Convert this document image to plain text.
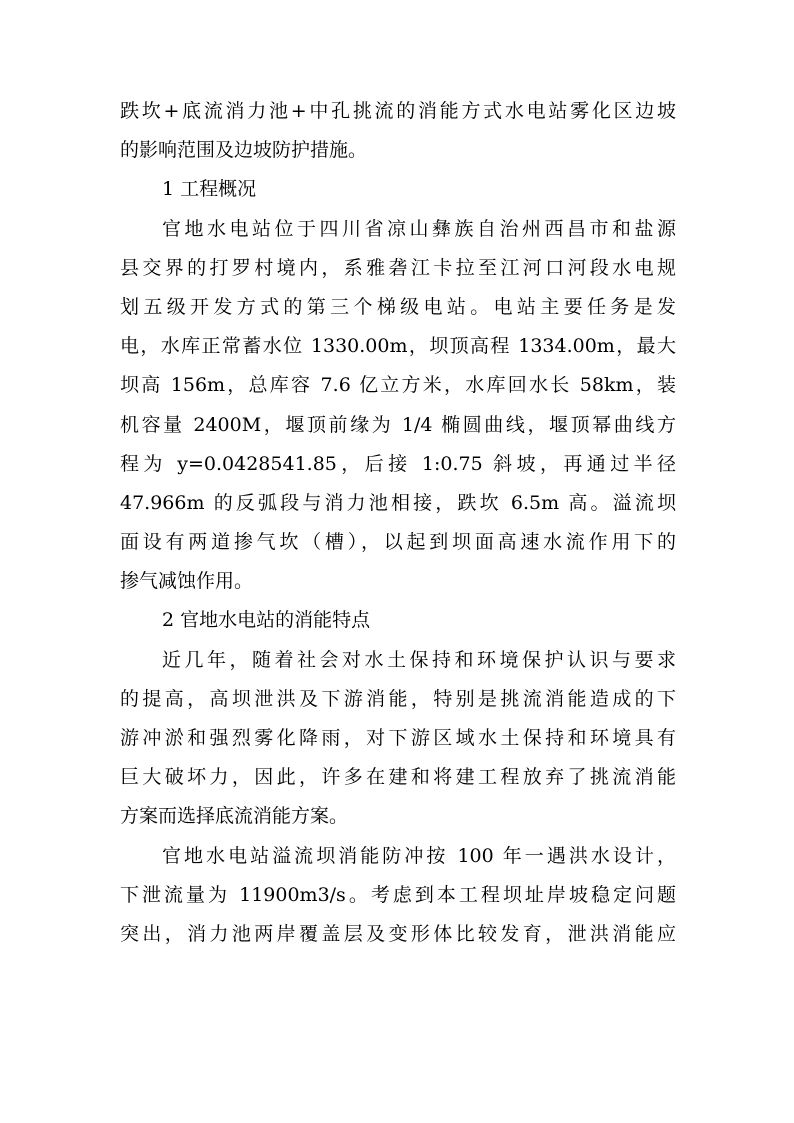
跌坎+底流消力池+中孔挑流的消能方式水电站雾化区边坡
的影响范围及边坡防护措施。
1 工程概况
官地水电站位于四川省凉山彝族自治州西昌市和盐源
县交界的打罗村境内，系雅砻江卡拉至江河口河段水电规
划五级开发方式的第三个梯级电站。电站主要任务是发
电，水库正常蓄水位 1330.00m，坝顶高程 1334.00m，最大
坝高 156m，总库容 7.6 亿立方米，水库回水长 58km，装
机容量 2400M，堰顶前缘为 1/4 椭圆曲线，堰顶幂曲线方
程为 y=0.0428541.85，后接 1:0.75 斜坡，再通过半径
47.966m 的反弧段与消力池相接，跌坎 6.5m 高。溢流坝
面设有两道掺气坎（槽），以起到坝面高速水流作用下的
掺气减蚀作用。
2 官地水电站的消能特点
近几年，随着社会对水土保持和环境保护认识与要求
的提高，高坝泄洪及下游消能，特别是挑流消能造成的下
游冲淤和强烈雾化降雨，对下游区域水土保持和环境具有
巨大破坏力，因此，许多在建和将建工程放弃了挑流消能
方案而选择底流消能方案。
官地水电站溢流坝消能防冲按 100 年一遇洪水设计，
下泄流量为 11900m3/s。考虑到本工程坝址岸坡稳定问题
突出，消力池两岸覆盖层及变形体比较发育，泄洪消能应
